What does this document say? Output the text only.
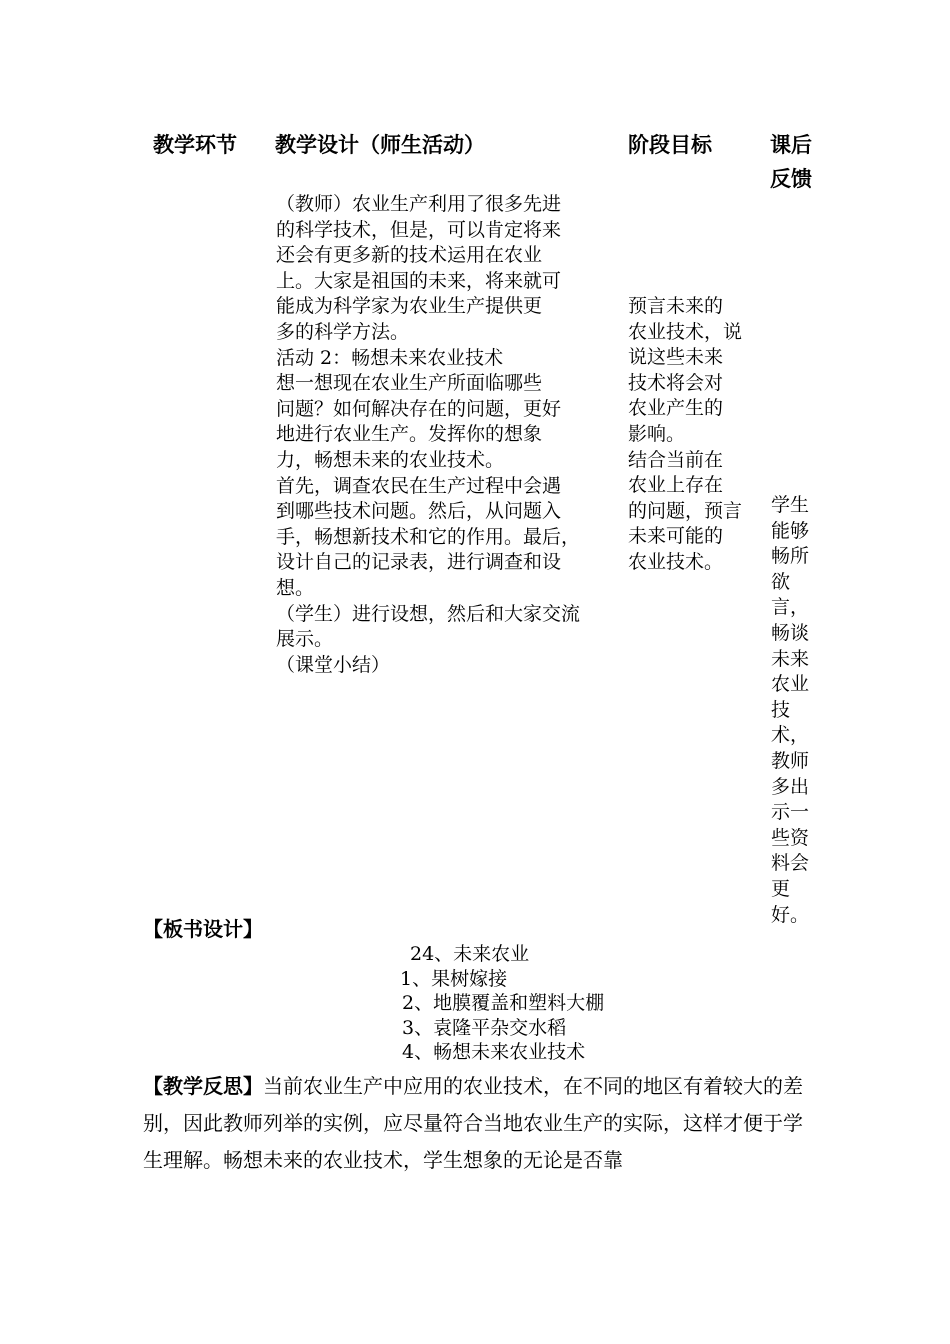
教学环节 教学设计（师生活动）	阶段目标	课后反馈

（教师）农业生产利用了很多先进

的科学技术，但是，可以肯定将来

还会有更多新的技术运用在农业

上。大家是祖国的未来，将来就可

能成为科学家为农业生产提供更

多的科学方法。

活动 2：畅想未来农业技术

想一想现在农业生产所面临哪些

问题？如何解决存在的问题，更好

地进行农业生产。发挥你的想象

力，畅想未来的农业技术。

首先，调查农民在生产过程中会遇

到哪些技术问题。然后，从问题入

手，畅想新技术和它的作用。最后，

设计自己的记录表，进行调查和设

想。

（学生）进行设想，然后和大家交流

展示。

（课堂小结）

预言未来的

农业技术，说

说这些未来

技术将会对

农业产生的

影响。

结合当前在

农业上存在

的问题，预言

未来可能的

农业技术。

学生

能够

畅所

欲

言，

畅谈

未来

农业

技

术，

教师

多出

示一

些资

料会

更

好。

【板书设计】

24、未来农业

1、果树嫁接

2、地膜覆盖和塑料大棚

3、袁隆平杂交水稻

4、畅想未来农业技术

【教学反思】当前农业生产中应用的农业技术，在不同的地区有着较大的差别，因此教师列举的实例，应尽量符合当地农业生产的实际，这样才便于学生理解。畅想未来的农业技术，学生想象的无论是否靠
